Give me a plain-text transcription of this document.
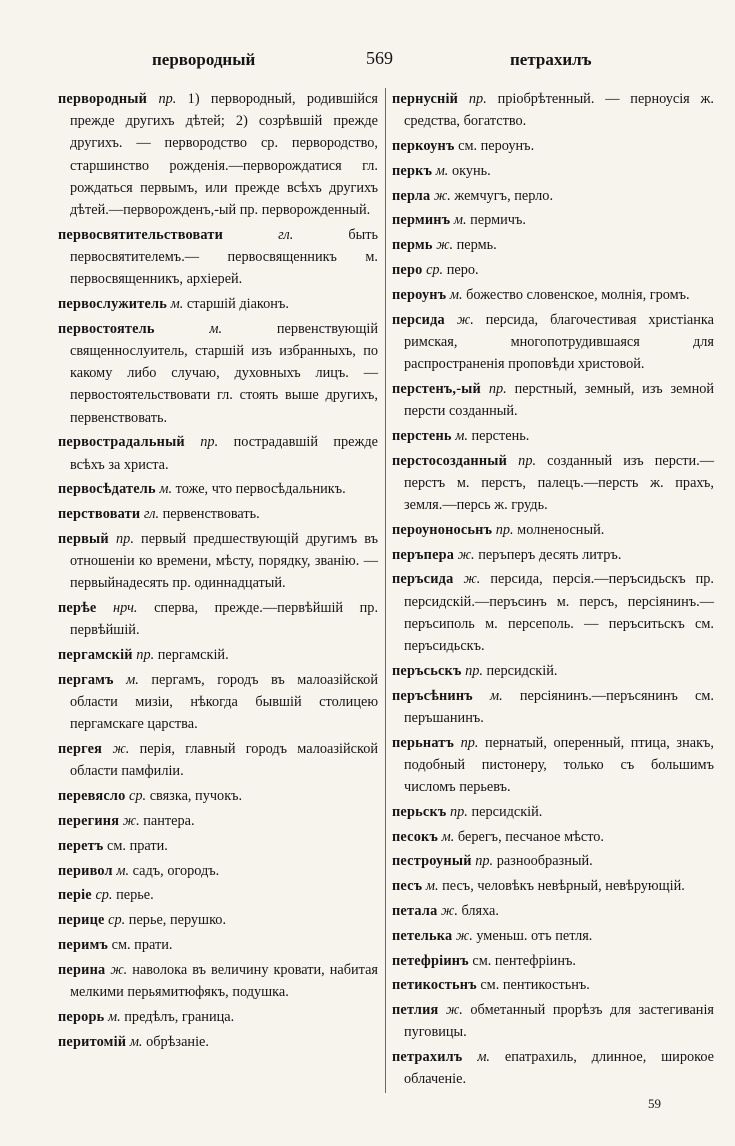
первородный	569	петрахилъ
первородный пр. 1) первородный, родившійся прежде другихъ дѣтей; 2) созрѣвшій прежде другихъ. — первородство ср. первородство, старшинство рожденія.—перворождатися гл. рождаться первымъ, или прежде всѣхъ другихъ дѣтей.—перворожденъ,-ый пр. перворожденный.
первосвятительствовати	гл.	быть первосвятителемъ.— первосвященникъ м. первосвященникъ, архіерей.
первослужитель м. старшій діаконъ.
первостоятель	м.	первенствующій священнослуитель, старшій изъ избранныхъ, по какому либо случаю, духовныхъ лицъ. — первостоятельствовати гл. стоять выше другихъ, первенствовать.
первострадальный пр. пострадавшій прежде всѣхъ за христа.
первосѣдатель м. тоже, что первосѣдальникъ.
перствовати гл. первенствовать.
первый пр. первый предшествующій другимъ въ отношеніи ко времени, мѣсту, порядку, званію. — первыйнадесять пр. одиннадцатый.
перѣе нрч. сперва, прежде.—первѣйшій пр. первѣйшій.
пергамскій пр. пергамскій.
пергамъ м. пергамъ, городъ въ малоазійской области мизіи, нѣкогда бывшій столицею пергамскаге царства.
пергея ж. перія, главный городъ малоазійской области памфиліи.
перевясло ср. связка, пучокъ.
перегиня ж. пантера.
перетъ см. прати.
перивол м. садъ, огородъ.
періе ср. перье.
перице ср. перье, перушко.
перимъ см. прати.
перина ж. наволока въ величину кровати, набитая мелкими перьямитюфякъ, подушка.
перорь м. предѣлъ, граница.
перитомій м. обрѣзаніе.
пернусній пр. пріобрѣтенный. — перноусія ж. средства, богатство.
перкоунъ см. пероунъ.
перкъ м. окунь.
перла ж. жемчугъ, перло.
перминъ м. пермичъ.
пермь ж. пермь.
перо ср. перо.
пероунъ м. божество словенское, молнія, громъ.
персида ж. персида, благочестивая христіанка римская, многопотрудившаяся для распространенія проповѣди христовой.
перстенъ,-ый пр. перстный, земный, изъ земной персти созданный.
перстень м. перстень.
перстосозданный пр. созданный изъ персти.—перстъ м. перстъ, палецъ.—персть ж. прахъ, земля.—персь ж. грудь.
пероуноносьнъ пр. молненосный.
перъпера ж. перъперъ десять литръ.
перъсида ж. персида, персія.—перъсидьскъ пр. персидскій.—перъсинъ м. персъ, персіянинъ.—перъсиполь м. персеполь. — перъситьскъ см. перъсидьскъ.
перъсьскъ пр. персидскій.
перъсѣнинъ м. персіянинъ.—перъсянинъ см. перъшанинъ.
перьнатъ пр. пернатый, оперенный, птица, знакъ, подобный пистонеру, только съ большимъ числомъ перьевъ.
перьскъ пр. персидскій.
песокъ м. берегъ, песчаное мѣсто.
пестроуный пр. разнообразный.
песъ м. песъ, человѣкъ невѣрный, невѣрующій.
петала ж. бляха.
петелька ж. уменьш. отъ петля.
петефріинъ см. пентефріинъ.
петикостьнъ см. пентикостьнъ.
петлия ж. обметанный прорѣзъ для застегиванія пуговицы.
петрахилъ м. епатрахиль, длинное, широкое облаченіе.
59
